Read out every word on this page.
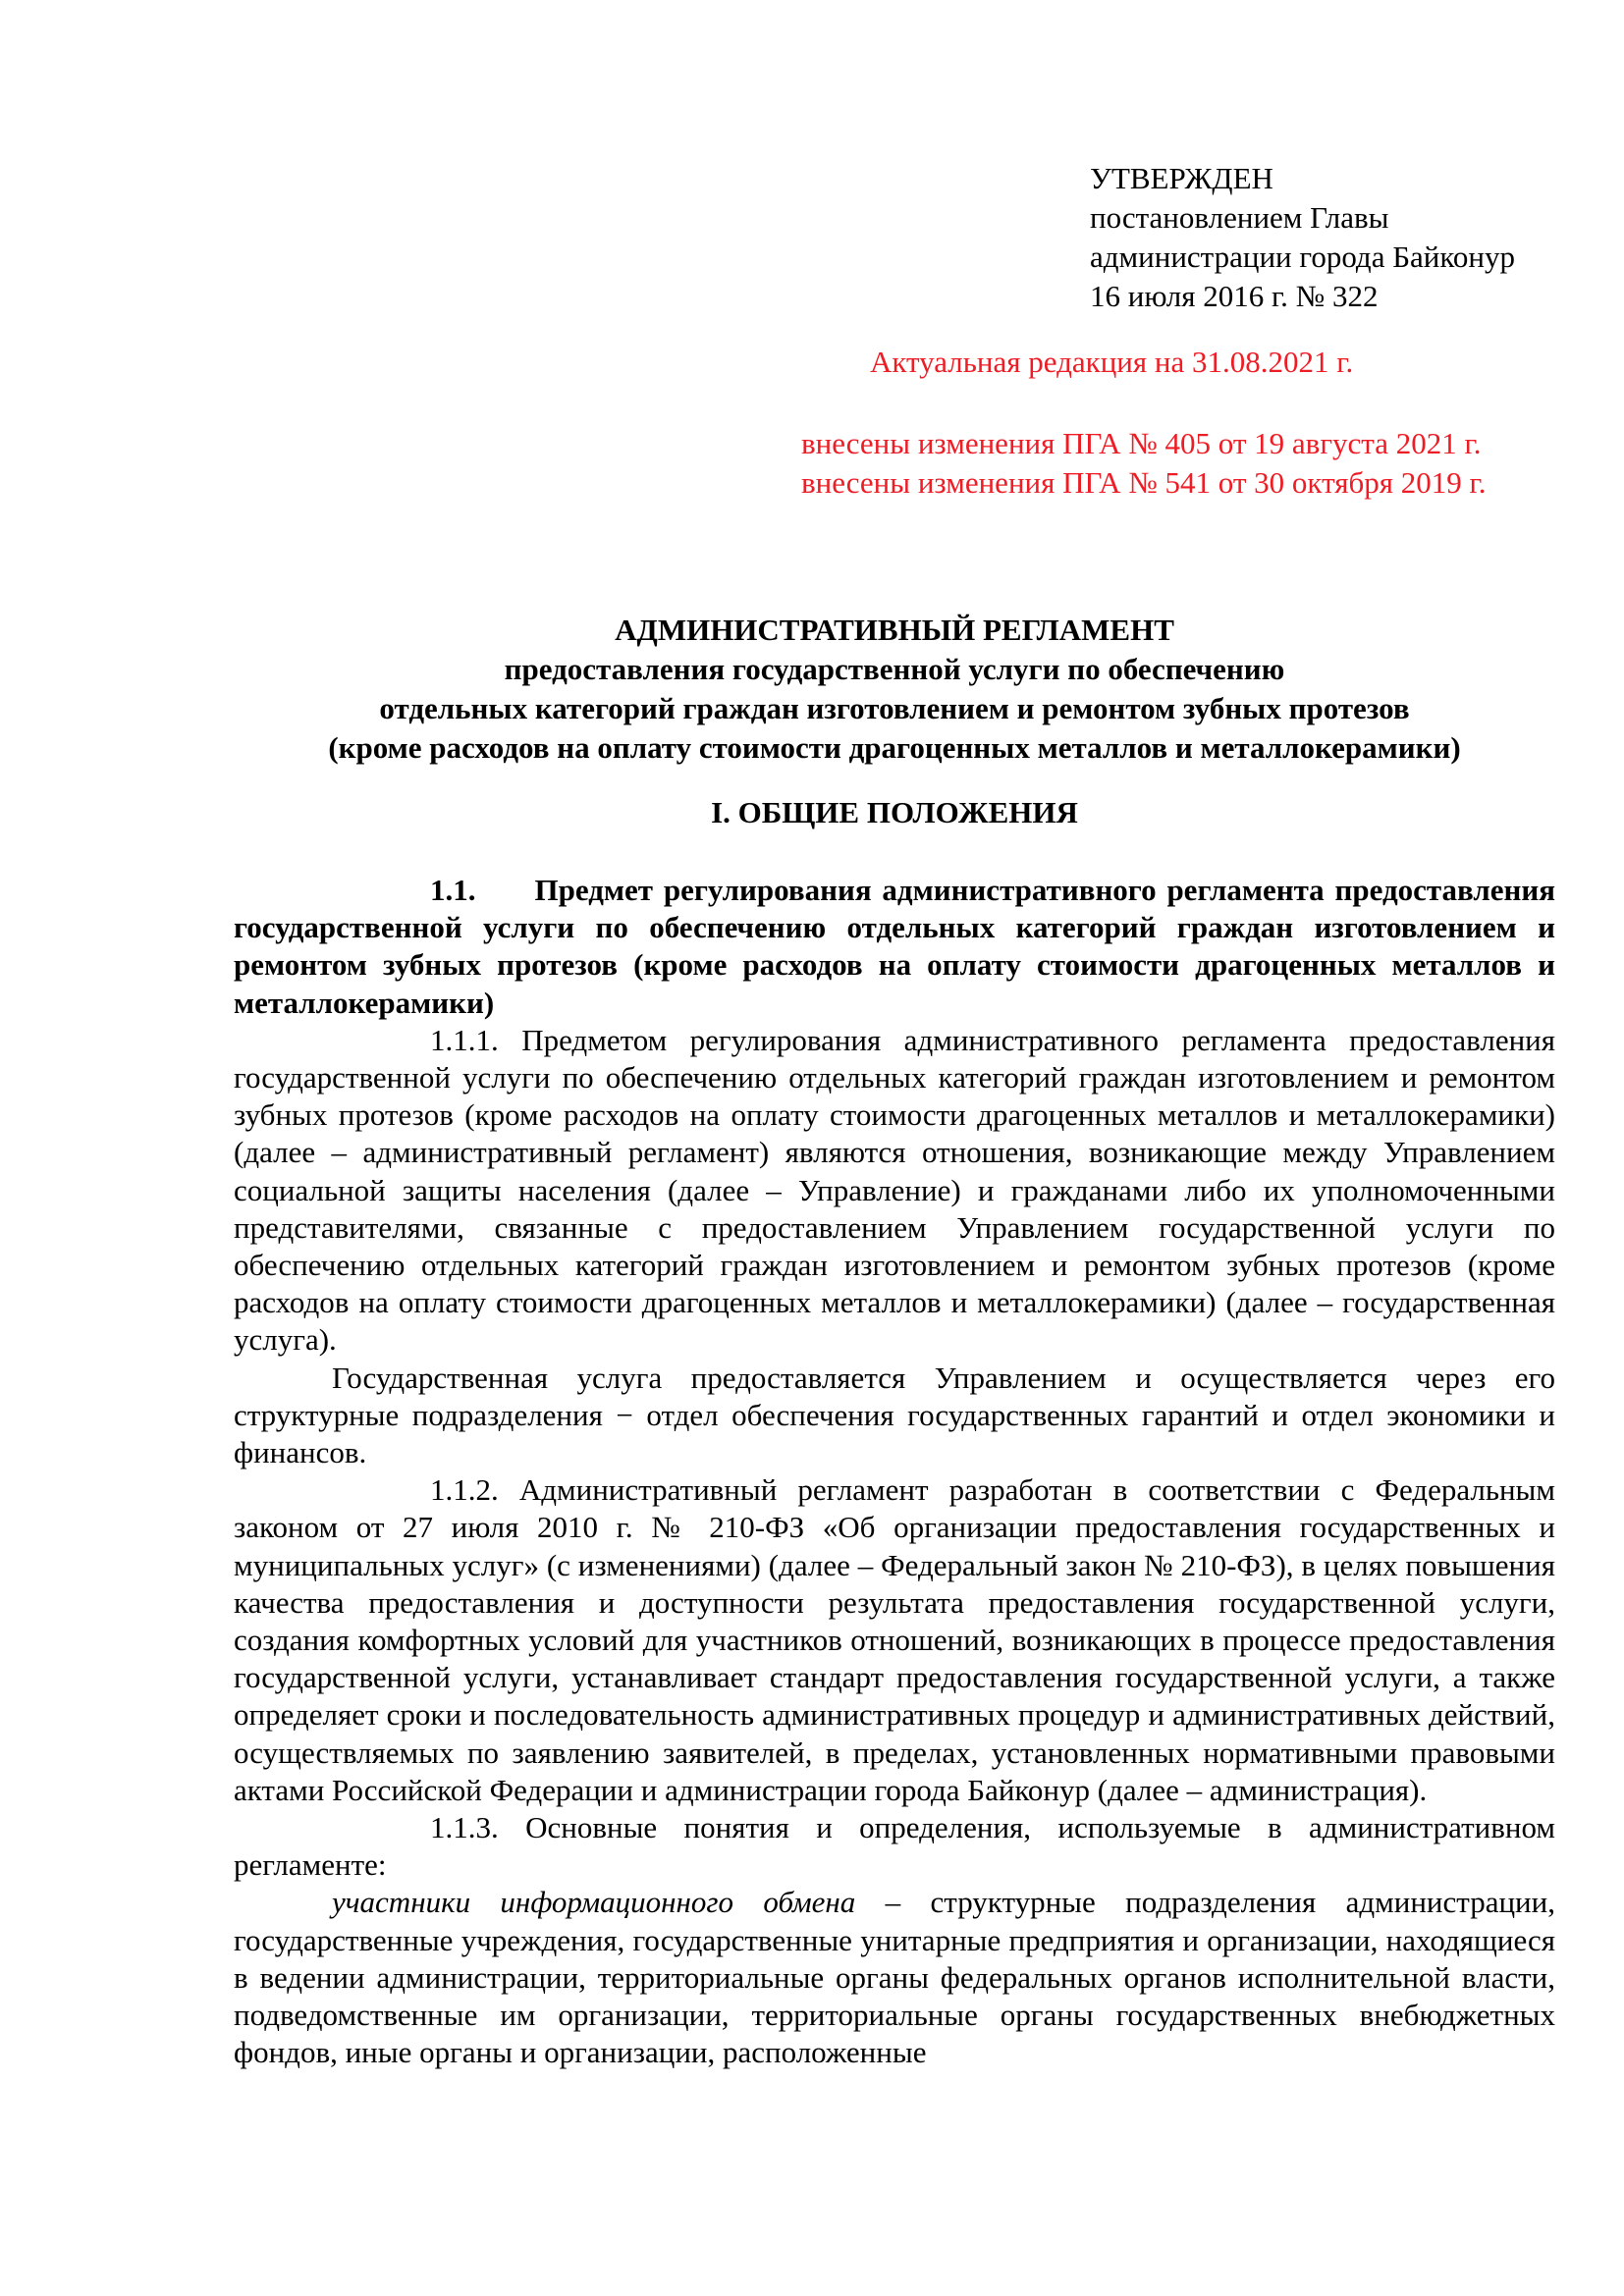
УТВЕРЖДЕН
постановлением Главы
администрации города Байконур
16 июля 2016 г. № 322
Актуальная редакция на 31.08.2021 г.
внесены изменения ПГА № 405 от 19 августа 2021 г.
внесены изменения ПГА № 541 от 30 октября 2019 г.
АДМИНИСТРАТИВНЫЙ РЕГЛАМЕНТ
предоставления государственной услуги по обеспечению
отдельных категорий граждан изготовлением и ремонтом зубных протезов
(кроме расходов на оплату стоимости драгоценных металлов и металлокерамики)
I. ОБЩИЕ ПОЛОЖЕНИЯ

1.1. Предмет регулирования административного регламента предоставления государственной услуги по обеспечению отдельных категорий граждан изготовлением и ремонтом зубных протезов (кроме расходов на оплату стоимости драгоценных металлов и металлокерамики)

1.1.1. Предметом регулирования административного регламента предоставления государственной услуги по обеспечению отдельных категорий граждан изготовлением и ремонтом зубных протезов (кроме расходов на оплату стоимости драгоценных металлов и металлокерамики) (далее – административный регламент) являются отношения, возникающие между Управлением социальной защиты населения (далее – Управление) и гражданами либо их уполномоченными представителями, связанные с предоставлением Управлением государственной услуги по обеспечению отдельных категорий граждан изготовлением и ремонтом зубных протезов (кроме расходов на оплату стоимости драгоценных металлов и металлокерамики) (далее – государственная услуга).

Государственная услуга предоставляется Управлением и осуществляется через его структурные подразделения − отдел обеспечения государственных гарантий и отдел экономики и финансов.

1.1.2. Административный регламент разработан в соответствии с Федеральным законом от 27 июля 2010 г. № 210-ФЗ «Об организации предоставления государственных и муниципальных услуг» (с изменениями) (далее – Федеральный закон № 210-ФЗ), в целях повышения качества предоставления и доступности результата предоставления государственной услуги, создания комфортных условий для участников отношений, возникающих в процессе предоставления государственной услуги, устанавливает стандарт предоставления государственной услуги, а также определяет сроки и последовательность административных процедур и административных действий, осуществляемых по заявлению заявителей, в пределах, установленных нормативными правовыми актами Российской Федерации и администрации города Байконур (далее – администрация).

1.1.3. Основные понятия и определения, используемые в административном регламенте:

участники информационного обмена – структурные подразделения администрации, государственные учреждения, государственные унитарные предприятия и организации, находящиеся в ведении администрации, территориальные органы федеральных органов исполнительной власти, подведомственные им организации, территориальные органы государственных внебюджетных фондов, иные органы и организации, расположенные
